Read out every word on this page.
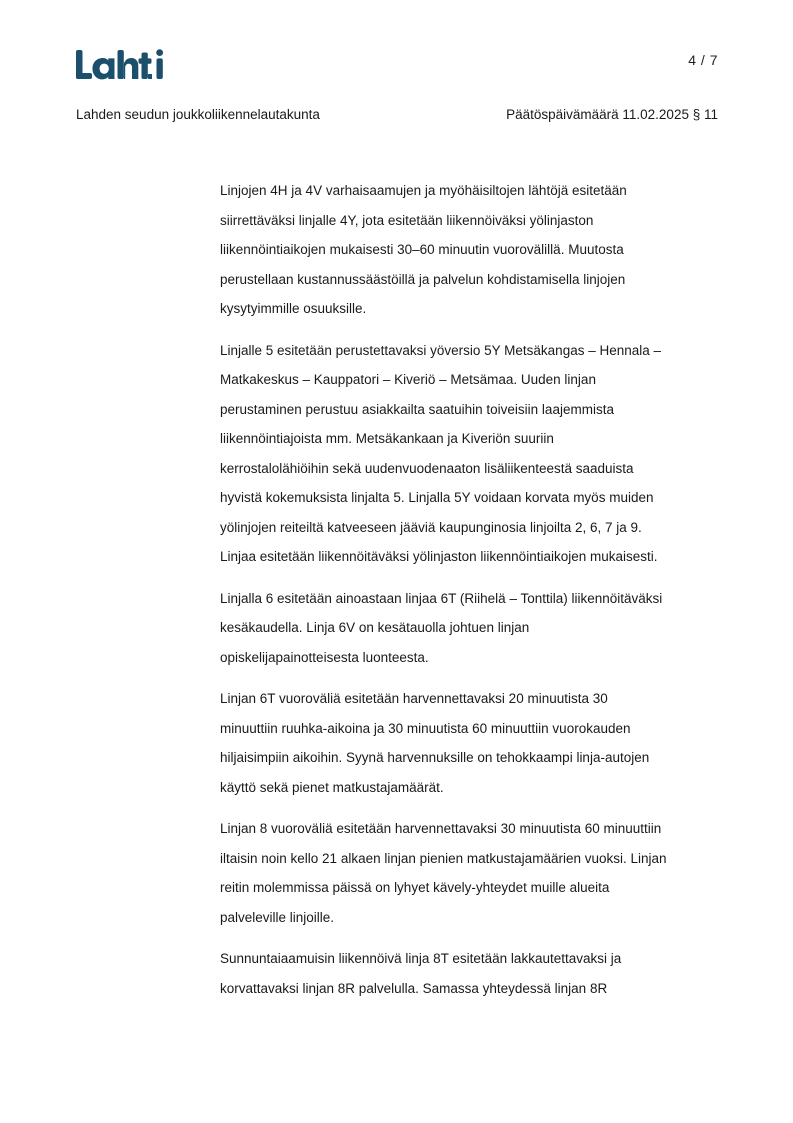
4 / 7
Lahden seudun joukkoliikennelautakunta	Päätöspäivämäärä 11.02.2025 § 11

Linjojen 4H ja 4V varhaisaamujen ja myöhäisiltojen lähtöjä esitetään
siirrettäväksi linjalle 4Y, jota esitetään liikennöiväksi yölinjaston
liikennöintiaikojen mukaisesti 30–60 minuutin vuorovälillä. Muutosta
perustellaan kustannussäästöillä ja palvelun kohdistamisella linjojen
kysytyimmille osuuksille.

Linjalle 5 esitetään perustettavaksi yöversio 5Y Metsäkangas – Hennala –
Matkakeskus – Kauppatori – Kiveriö – Metsämaa. Uuden linjan
perustaminen perustuu asiakkailta saatuihin toiveisiin laajemmista
liikennöintiajoista mm. Metsäkankaan ja Kiveriön suuriin
kerrostalolähiöihin sekä uudenvuodenaaton lisäliikenteestä saaduista
hyvistä kokemuksista linjalta 5. Linjalla 5Y voidaan korvata myös muiden
yölinjojen reiteiltä katveeseen jääviä kaupunginosia linjoilta 2, 6, 7 ja 9.
Linjaa esitetään liikennöitäväksi yölinjaston liikennöintiaikojen mukaisesti.

Linjalla 6 esitetään ainoastaan linjaa 6T (Riihelä – Tonttila) liikennöitäväksi
kesäkaudella. Linja 6V on kesätauolla johtuen linjan
opiskelijapainotteisesta luonteesta.

Linjan 6T vuoroväliä esitetään harvennettavaksi 20 minuutista 30
minuuttiin ruuhka-aikoina ja 30 minuutista 60 minuuttiin vuorokauden
hiljaisimpiin aikoihin. Syynä harvennuksille on tehokkaampi linja-autojen
käyttö sekä pienet matkustajamäärät.

Linjan 8 vuoroväliä esitetään harvennettavaksi 30 minuutista 60 minuuttiin
iltaisin noin kello 21 alkaen linjan pienien matkustajamäärien vuoksi. Linjan
reitin molemmissa päissä on lyhyet kävely-yhteydet muille alueita
palveleville linjoille.

Sunnuntaiaamuisin liikennöivä linja 8T esitetään lakkautettavaksi ja
korvattavaksi linjan 8R palvelulla. Samassa yhteydessä linjan 8R
